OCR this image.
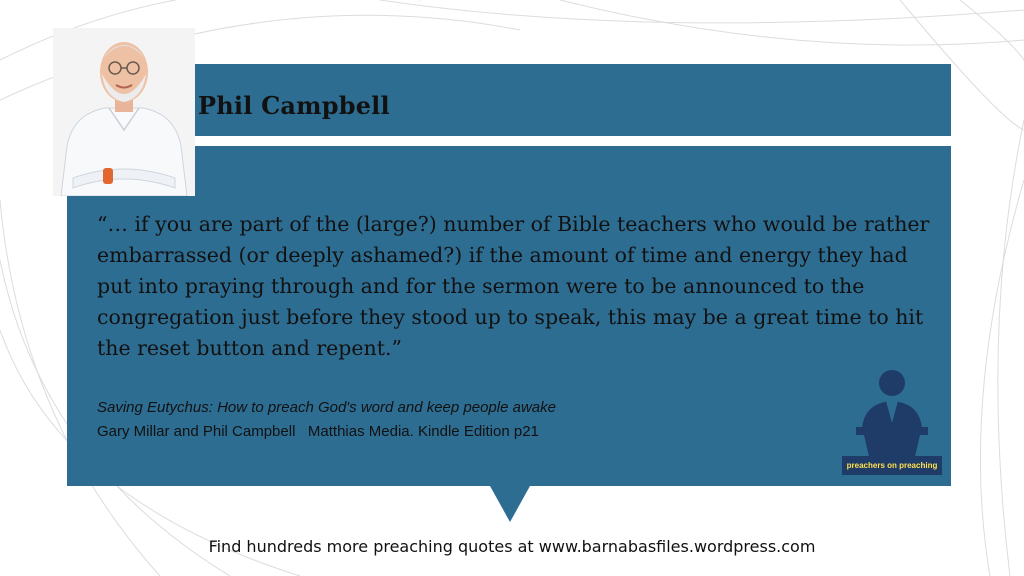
Phil Campbell

“… if you are part of the (large?) number of Bible teachers who would be rather embarrassed (or deeply ashamed?) if the amount of time and energy they had put into praying through and for the sermon were to be announced to the congregation just before they stood up to speak, this may be a great time to hit the reset button and repent.”

Saving Eutychus: How to preach God's word and keep people awake
Gary Millar and Phil Campbell   Matthias Media. Kindle Edition p21
preachers on preaching
Find hundreds more preaching quotes at www.barnabasfiles.wordpress.com
